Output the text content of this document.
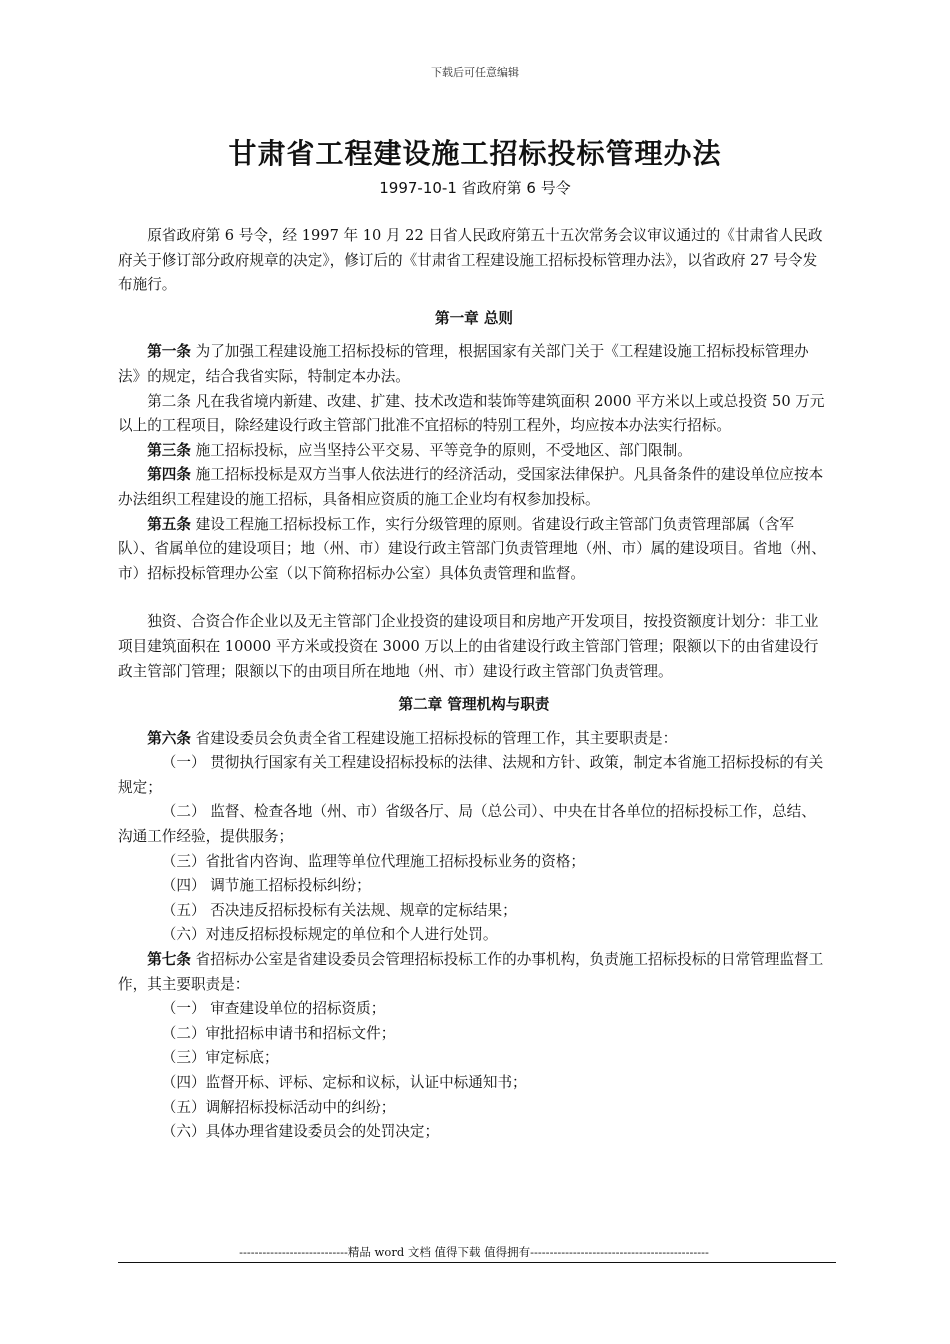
下载后可任意编辑
甘肃省工程建设施工招标投标管理办法
1997-10-1 省政府第 6 号令

原省政府第 6 号令，经 1997 年 10 月 22 日省人民政府第五十五次常务会议审议通过的《甘肃省人民政府关于修订部分政府规章的决定》，修订后的《甘肃省工程建设施工招标投标管理办法》，以省政府 27 号令发布施行。

第一章 总则

第一条 为了加强工程建设施工招标投标的管理，根据国家有关部门关于《工程建设施工招标投标管理办法》的规定，结合我省实际，特制定本办法。

第二条 凡在我省境内新建、改建、扩建、技术改造和装饰等建筑面积 2000 平方米以上或总投资 50 万元以上的工程项目，除经建设行政主管部门批准不宜招标的特别工程外，均应按本办法实行招标。

第三条 施工招标投标，应当坚持公平交易、平等竞争的原则，不受地区、部门限制。

第四条 施工招标投标是双方当事人依法进行的经济活动，受国家法律保护。凡具备条件的建设单位应按本办法组织工程建设的施工招标，具备相应资质的施工企业均有权参加投标。

第五条 建设工程施工招标投标工作，实行分级管理的原则。省建设行政主管部门负责管理部属（含军队）、省属单位的建设项目；地（州、市）建设行政主管部门负责管理地（州、市）属的建设项目。省地（州、市）招标投标管理办公室（以下简称招标办公室）具体负责管理和监督。

独资、合资合作企业以及无主管部门企业投资的建设项目和房地产开发项目，按投资额度计划分：非工业项目建筑面积在 10000 平方米或投资在 3000 万以上的由省建设行政主管部门管理；限额以下的由省建设行政主管部门管理；限额以下的由项目所在地地（州、市）建设行政主管部门负责管理。

第二章 管理机构与职责

第六条 省建设委员会负责全省工程建设施工招标投标的管理工作，其主要职责是：

（一） 贯彻执行国家有关工程建设招标投标的法律、法规和方针、政策，制定本省施工招标投标的有关规定；

（二） 监督、检查各地（州、市）省级各厅、局（总公司）、中央在甘各单位的招标投标工作，总结、沟通工作经验，提供服务；

（三）省批省内咨询、监理等单位代理施工招标投标业务的资格；

（四） 调节施工招标投标纠纷；

（五） 否决违反招标投标有关法规、规章的定标结果；

（六）对违反招标投标规定的单位和个人进行处罚。

第七条 省招标办公室是省建设委员会管理招标投标工作的办事机构，负责施工招标投标的日常管理监督工作，其主要职责是：

（一） 审查建设单位的招标资质；

（二）审批招标申请书和招标文件；

（三）审定标底；

（四）监督开标、评标、定标和议标，认证中标通知书；

（五）调解招标投标活动中的纠纷；

（六）具体办理省建设委员会的处罚决定；

----------------------------精品 word 文档 值得下载 值得拥有----------------------------------------------
